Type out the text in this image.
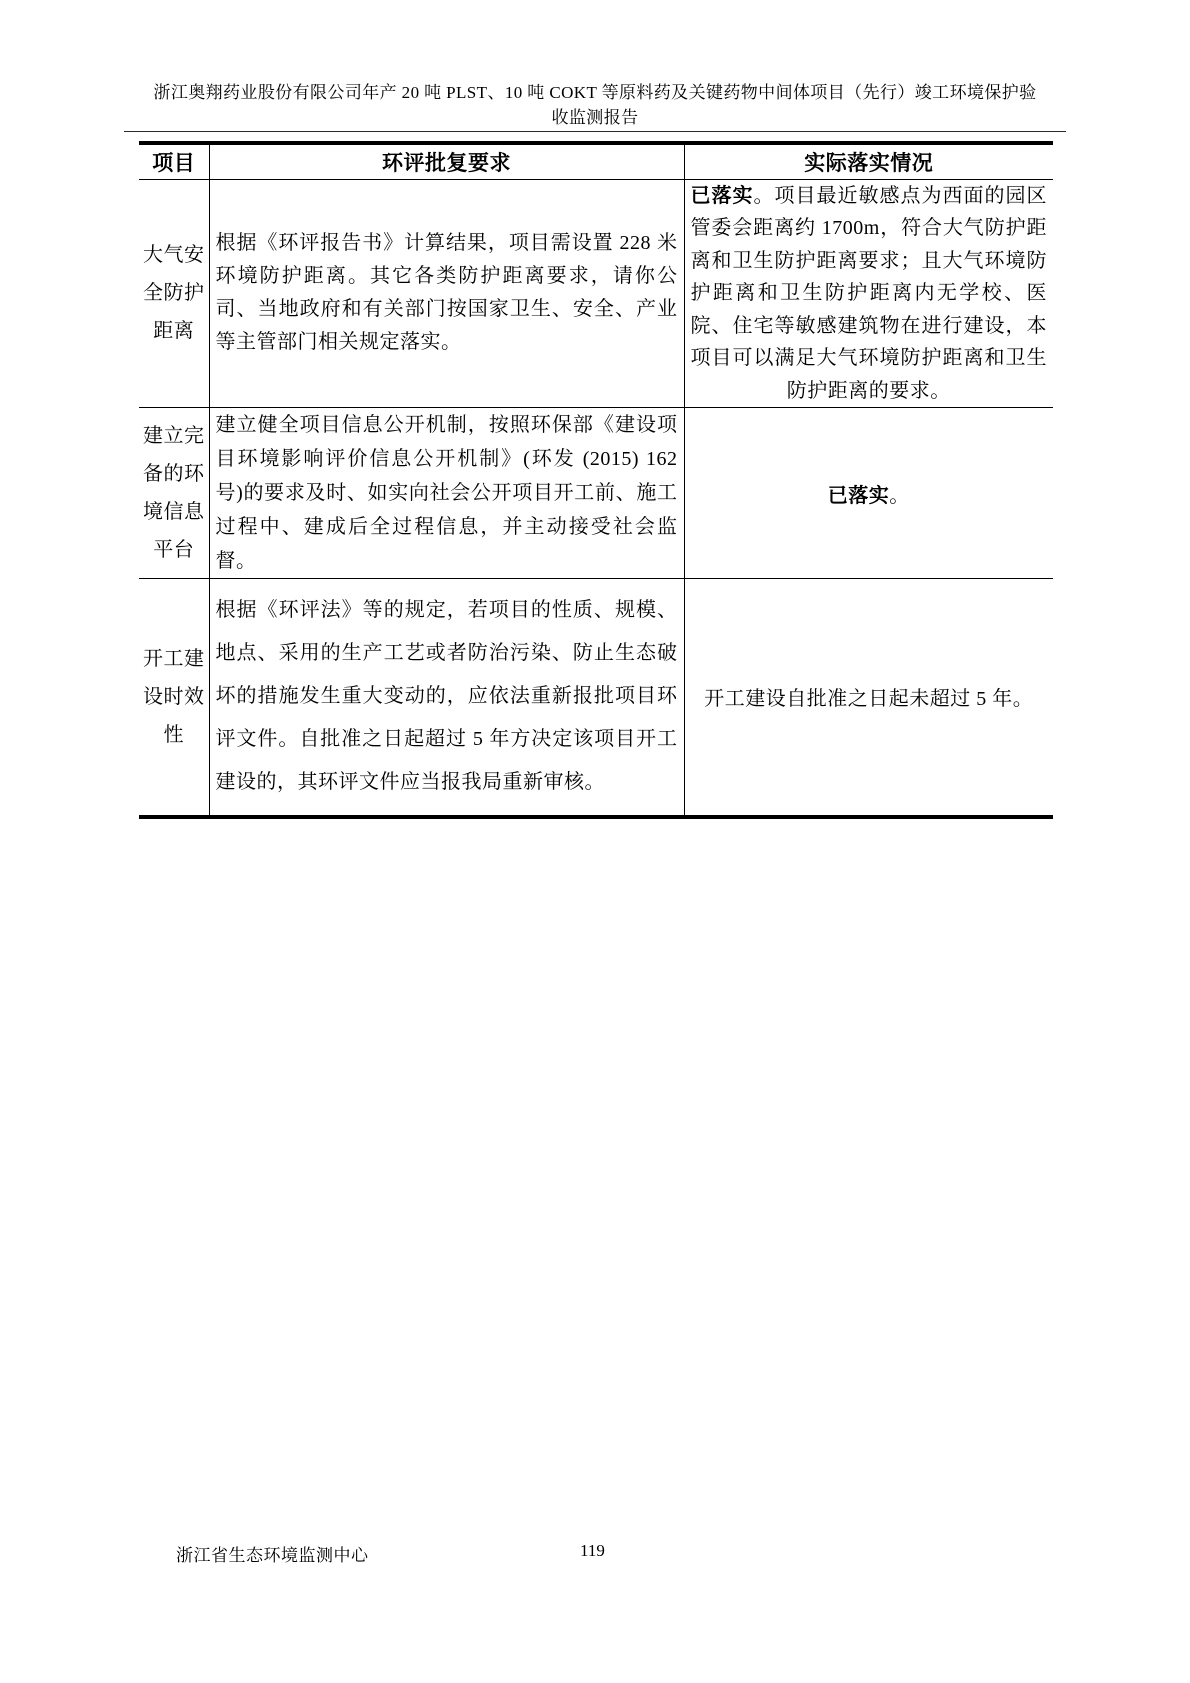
浙江奥翔药业股份有限公司年产 20 吨 PLST、10 吨 COKT 等原料药及关键药物中间体项目（先行）竣工环境保护验
收监测报告
项目	环评批复要求	实际落实情况
大气安全防护距离	根据《环评报告书》计算结果，项目需设置 228 米环境防护距离。其它各类防护距离要求，请你公司、当地政府和有关部门按国家卫生、安全、产业等主管部门相关规定落实。	已落实。项目最近敏感点为西面的园区管委会距离约 1700m，符合大气防护距离和卫生防护距离要求；且大气环境防护距离和卫生防护距离内无学校、医院、住宅等敏感建筑物在进行建设，本项目可以满足大气环境防护距离和卫生防护距离的要求。

建立完备的环境信息平台	建立健全项目信息公开机制，按照环保部《建设项目环境影响评价信息公开机制》(环发 (2015) 162 号)的要求及时、如实向社会公开项目开工前、施工过程中、建成后全过程信息，并主动接受社会监督。	已落实。

开工建设时效性	根据《环评法》等的规定，若项目的性质、规模、地点、采用的生产工艺或者防治污染、防止生态破坏的措施发生重大变动的，应依法重新报批项目环评文件。自批准之日起超过 5 年方决定该项目开工建设的，其环评文件应当报我局重新审核。	开工建设自批准之日起未超过 5 年。
浙江省生态环境监测中心	119
